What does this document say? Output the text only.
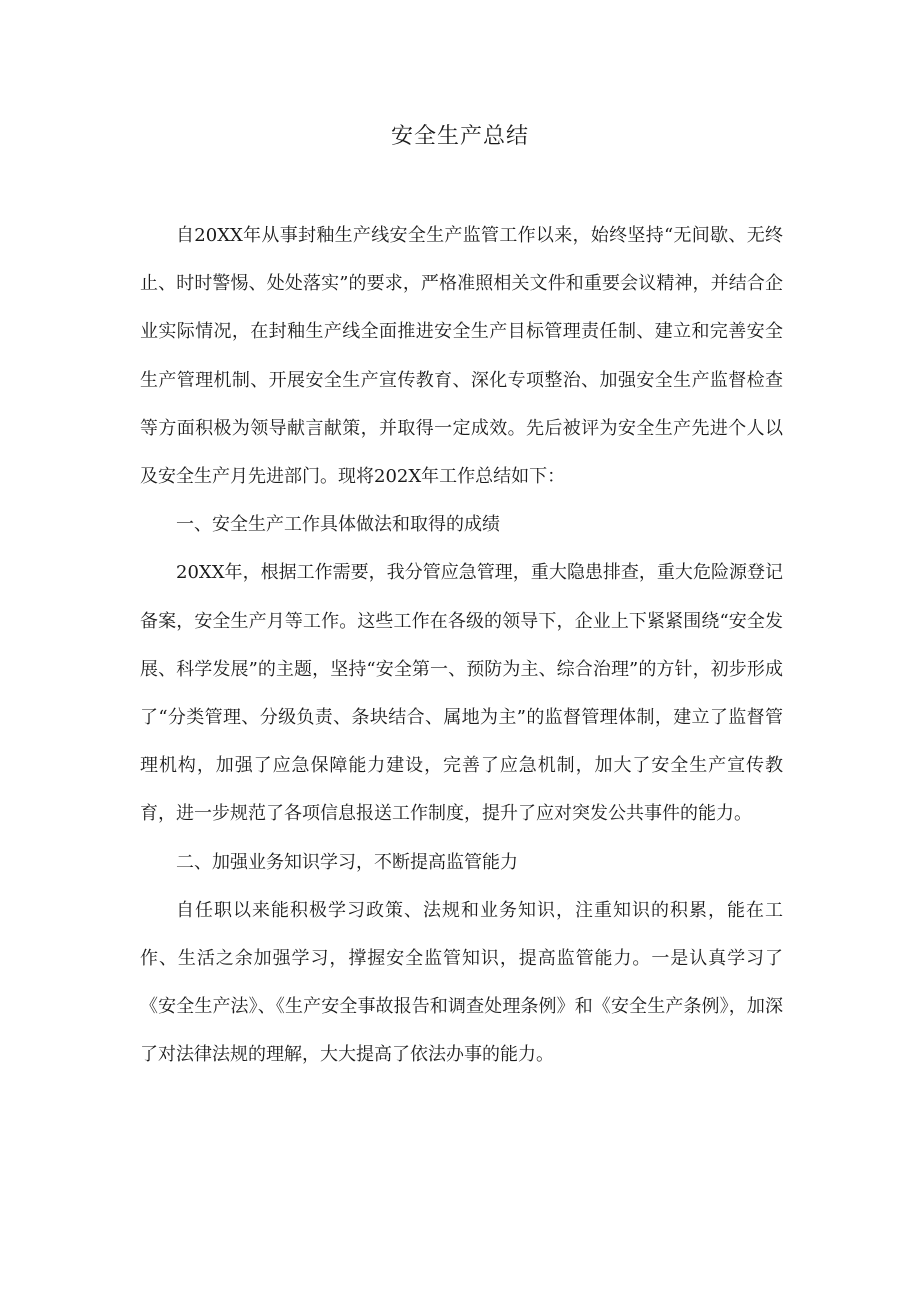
安全生产总结

自20XX年从事封釉生产线安全生产监管工作以来，始终坚持“无间歇、无终止、时时警惕、处处落实”的要求，严格准照相关文件和重要会议精神，并结合企业实际情况，在封釉生产线全面推进安全生产目标管理责任制、建立和完善安全生产管理机制、开展安全生产宣传教育、深化专项整治、加强安全生产监督检查等方面积极为领导献言献策，并取得一定成效。先后被评为安全生产先进个人以及安全生产月先进部门。现将202X年工作总结如下：

一、安全生产工作具体做法和取得的成绩

20XX年，根据工作需要，我分管应急管理，重大隐患排查，重大危险源登记备案，安全生产月等工作。这些工作在各级的领导下，企业上下紧紧围绕“安全发展、科学发展”的主题，坚持“安全第一、预防为主、综合治理”的方针，初步形成了“分类管理、分级负责、条块结合、属地为主”的监督管理体制，建立了监督管理机构，加强了应急保障能力建设，完善了应急机制，加大了安全生产宣传教育，进一步规范了各项信息报送工作制度，提升了应对突发公共事件的能力。

二、加强业务知识学习，不断提高监管能力

自任职以来能积极学习政策、法规和业务知识，注重知识的积累，能在工作、生活之余加强学习，撑握安全监管知识，提高监管能力。一是认真学习了《安全生产法》、《生产安全事故报告和调查处理条例》和《安全生产条例》，加深了对法律法规的理解，大大提高了依法办事的能力。
